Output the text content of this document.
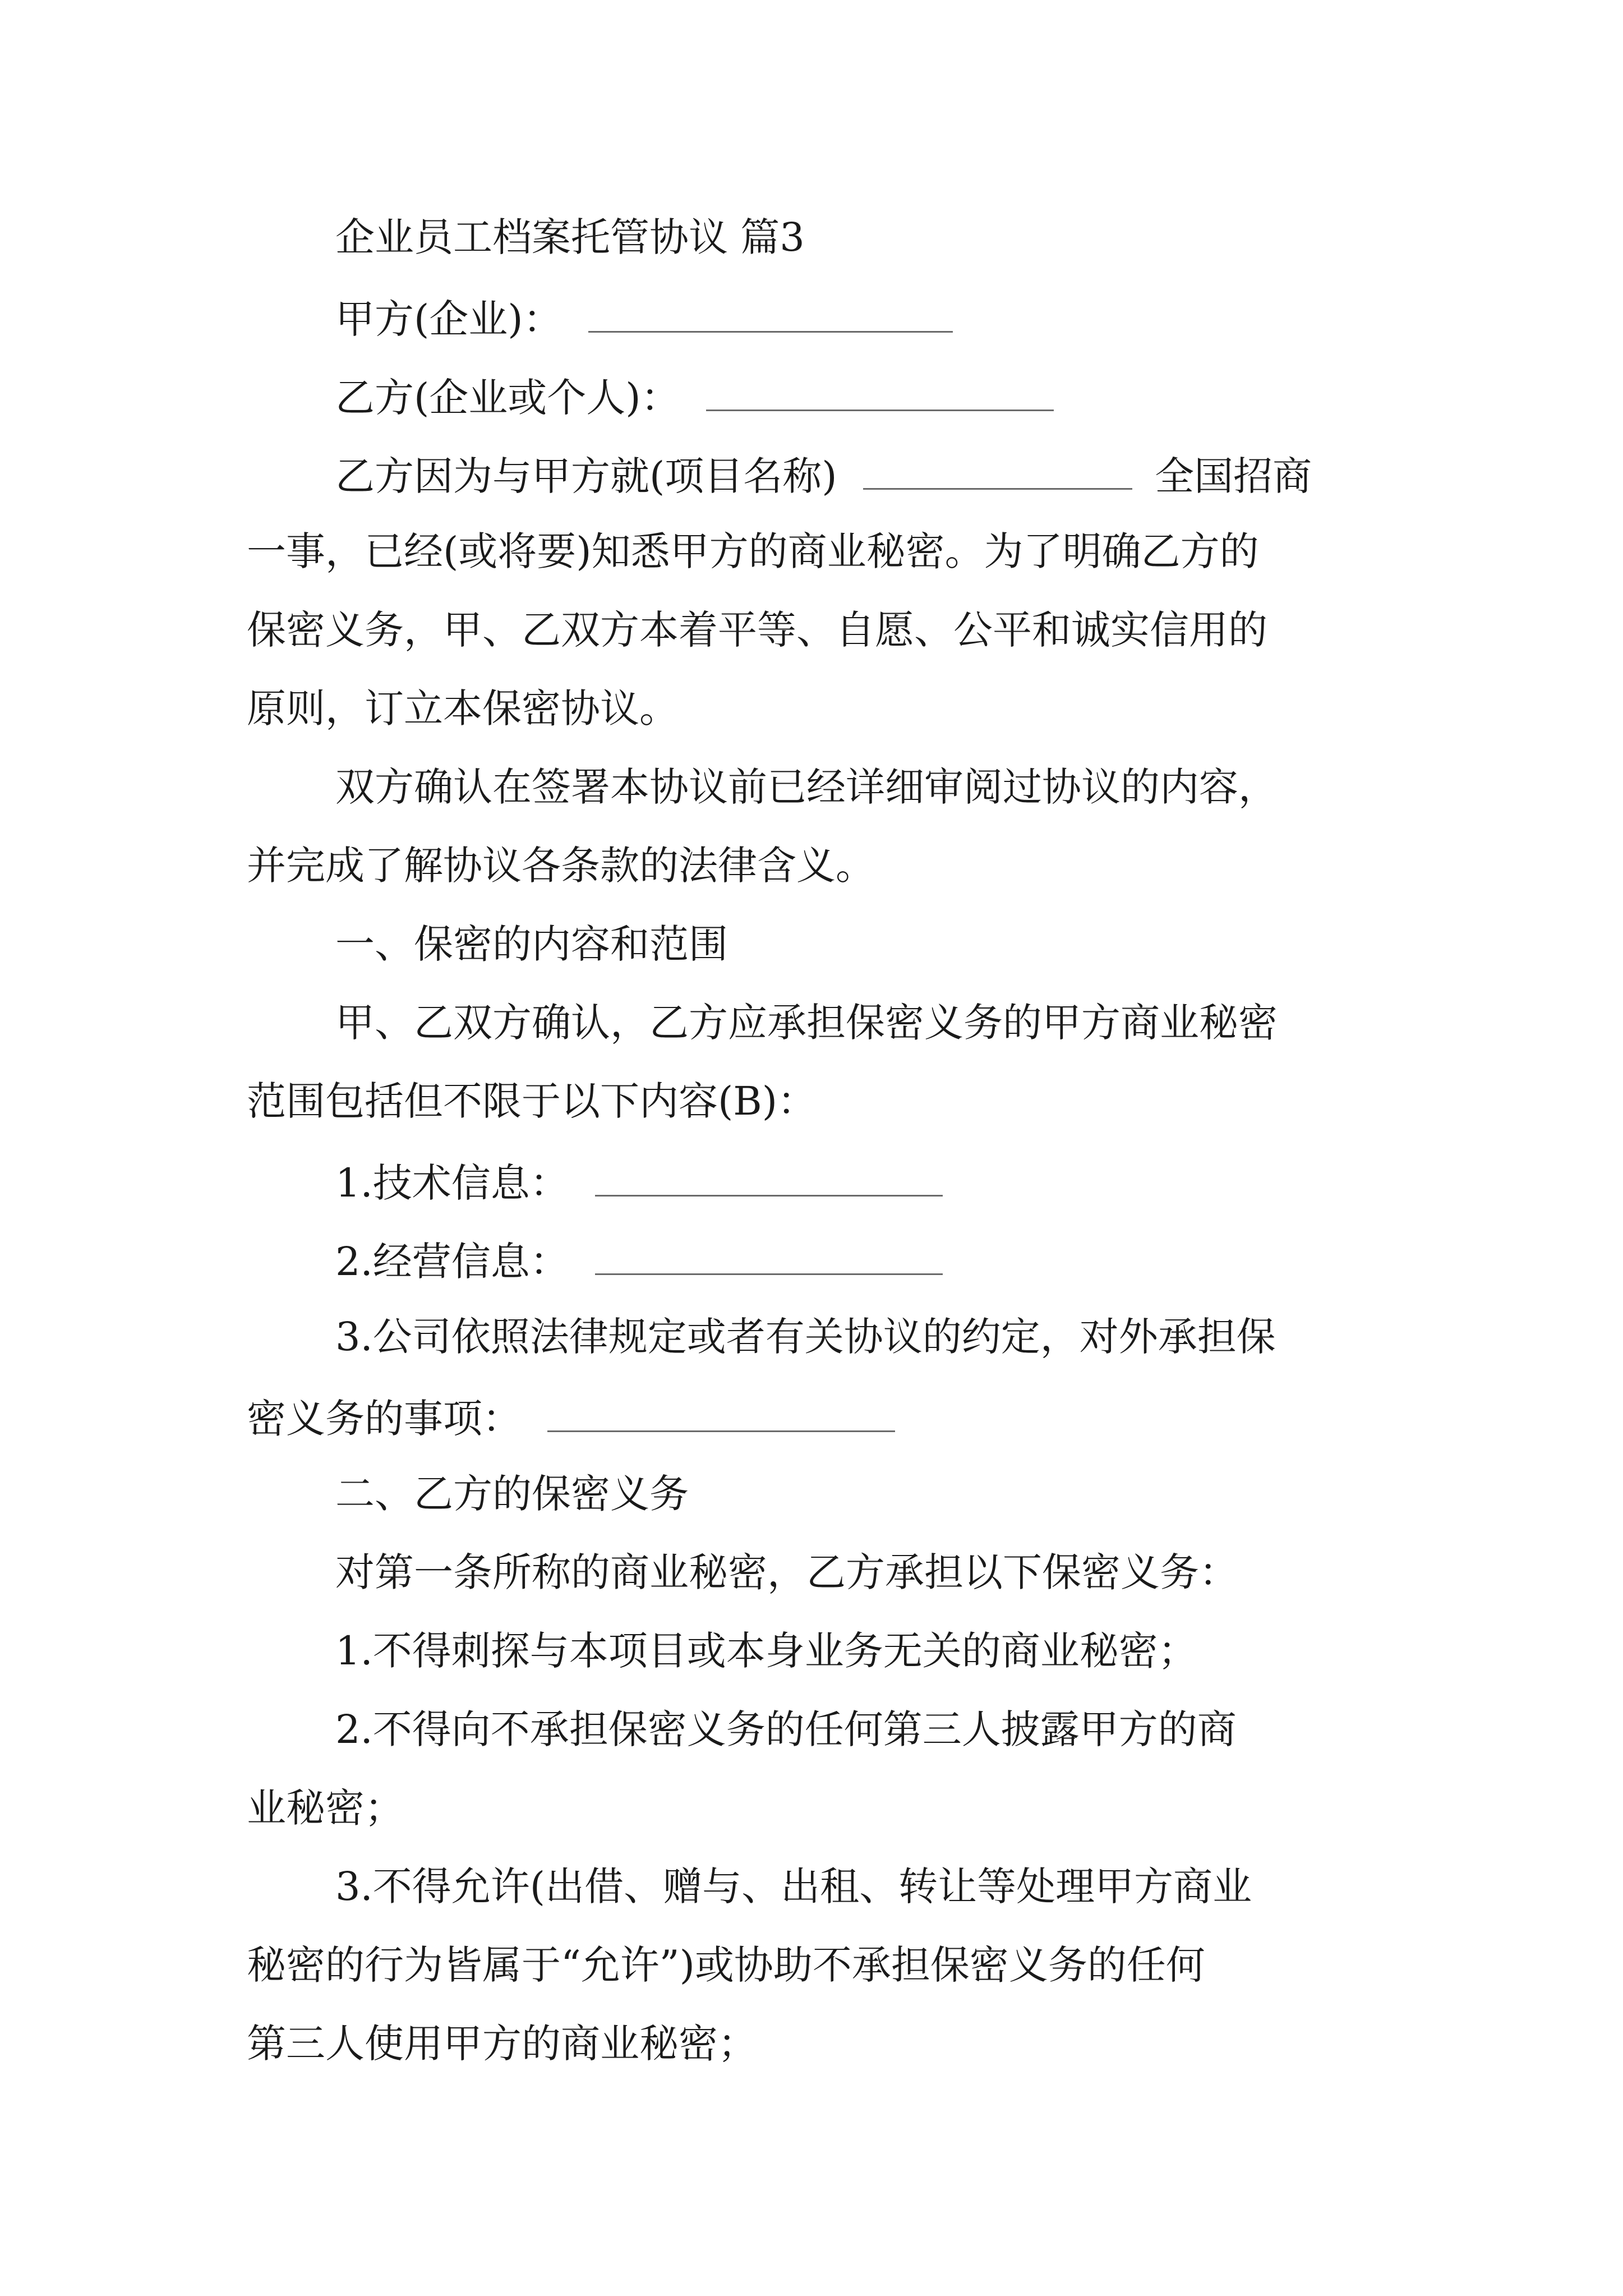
企业员工档案托管协议 篇3
甲方(企业)：
乙方(企业或个人)：
乙方因为与甲方就(项目名称)	全国招商
一事，已经(或将要)知悉甲方的商业秘密。为了明确乙方的
保密义务，甲、乙双方本着平等、自愿、公平和诚实信用的
原则，订立本保密协议。
双方确认在签署本协议前已经详细审阅过协议的内容，
并完成了解协议各条款的法律含义。
一、保密的内容和范围
甲、乙双方确认，乙方应承担保密义务的甲方商业秘密
范围包括但不限于以下内容(B)：
1.技术信息：
2.经营信息：
3.公司依照法律规定或者有关协议的约定，对外承担保
密义务的事项：
二、乙方的保密义务
对第一条所称的商业秘密，乙方承担以下保密义务：
1.不得刺探与本项目或本身业务无关的商业秘密；
2.不得向不承担保密义务的任何第三人披露甲方的商
业秘密；
3.不得允许(出借、赠与、出租、转让等处理甲方商业
秘密的行为皆属于“允许”)或协助不承担保密义务的任何
第三人使用甲方的商业秘密；
